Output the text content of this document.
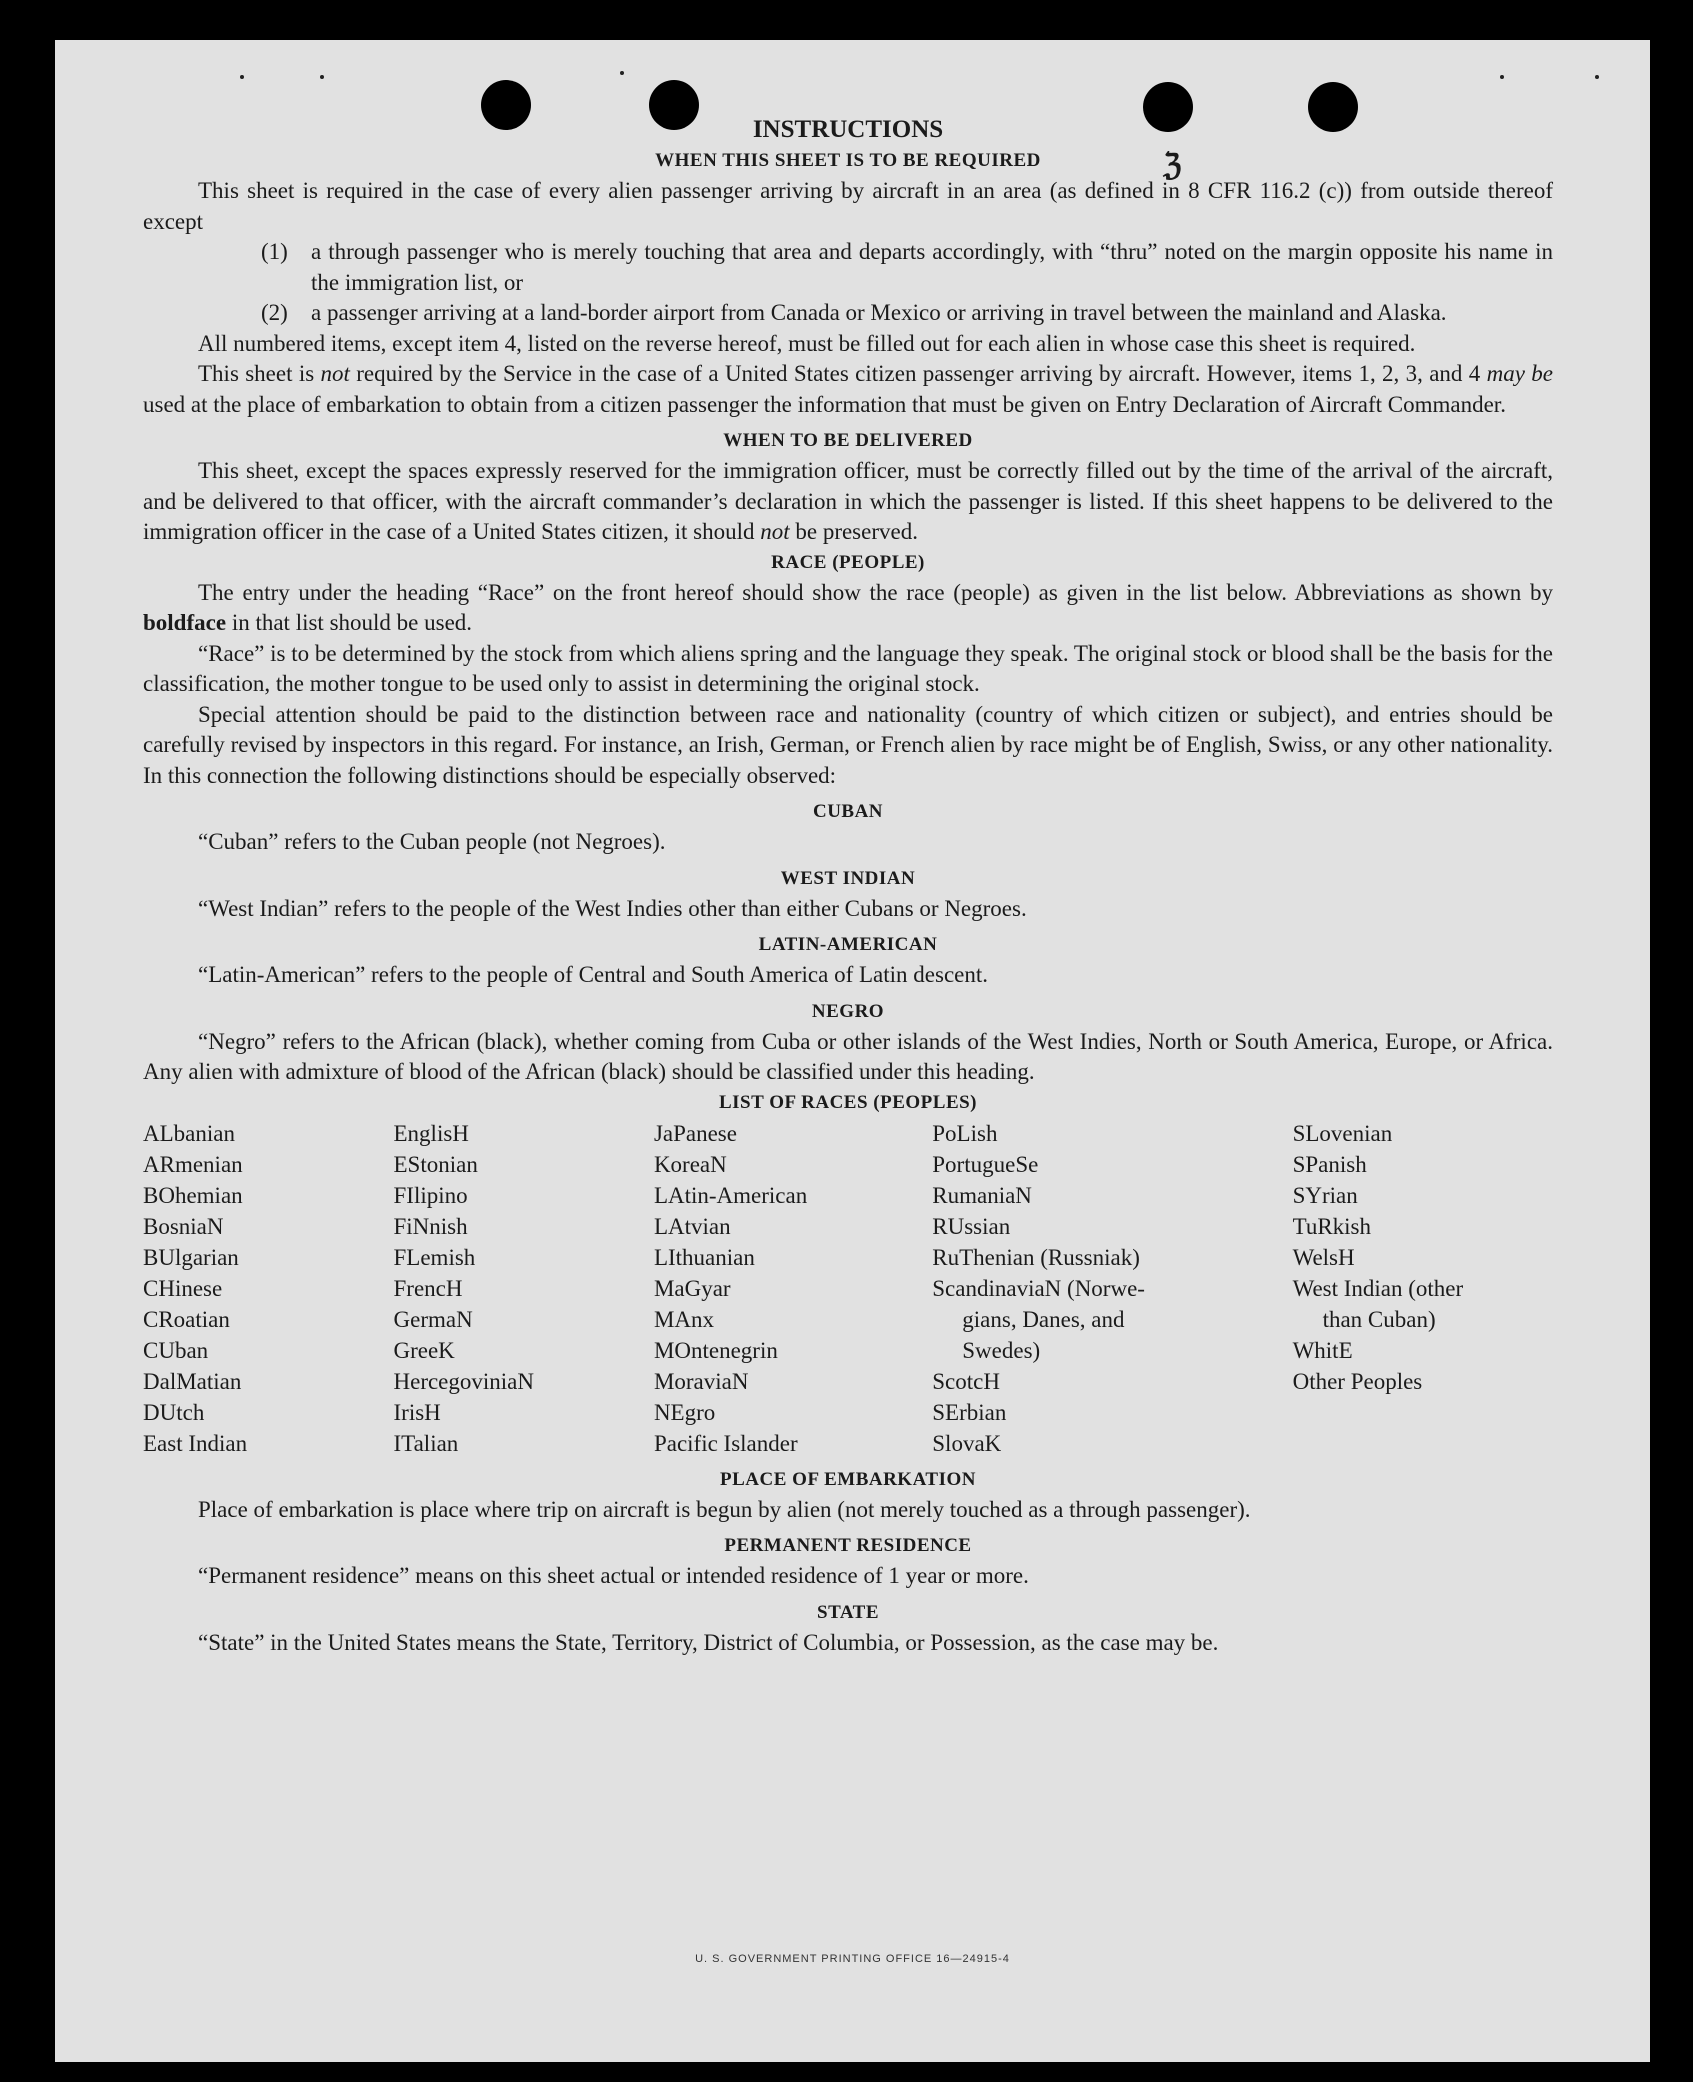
ℨ
INSTRUCTIONS
WHEN THIS SHEET IS TO BE REQUIRED

This sheet is required in the case of every alien passenger arriving by aircraft in an area (as defined in 8 CFR 116.2 (c)) from outside thereof except

(1)	a through passenger who is merely touching that area and departs accordingly, with “thru” noted on the margin opposite his name in the immigration list, or
(2)	a passenger arriving at a land-border airport from Canada or Mexico or arriving in travel between the mainland and Alaska.

All numbered items, except item 4, listed on the reverse hereof, must be filled out for each alien in whose case this sheet is required.

This sheet is not required by the Service in the case of a United States citizen passenger arriving by aircraft. However, items 1, 2, 3, and 4 may be used at the place of embarkation to obtain from a citizen passenger the information that must be given on Entry Declaration of Aircraft Commander.

WHEN TO BE DELIVERED

This sheet, except the spaces expressly reserved for the immigration officer, must be correctly filled out by the time of the arrival of the aircraft, and be delivered to that officer, with the aircraft commander’s declaration in which the passenger is listed. If this sheet happens to be delivered to the immigration officer in the case of a United States citizen, it should not be preserved.

RACE (PEOPLE)

The entry under the heading “Race” on the front hereof should show the race (people) as given in the list below. Abbreviations as shown by boldface in that list should be used.

“Race” is to be determined by the stock from which aliens spring and the language they speak. The original stock or blood shall be the basis for the classification, the mother tongue to be used only to assist in determining the original stock.

Special attention should be paid to the distinction between race and nationality (country of which citizen or subject), and entries should be carefully revised by inspectors in this regard. For instance, an Irish, German, or French alien by race might be of English, Swiss, or any other nationality. In this connection the following distinctions should be especially observed:

CUBAN

“Cuban” refers to the Cuban people (not Negroes).

WEST INDIAN

“West Indian” refers to the people of the West Indies other than either Cubans or Negroes.

LATIN-AMERICAN

“Latin-American” refers to the people of Central and South America of Latin descent.

NEGRO

“Negro” refers to the African (black), whether coming from Cuba or other islands of the West Indies, North or South America, Europe, or Africa. Any alien with admixture of blood of the African (black) should be classified under this heading.

LIST OF RACES (PEOPLES)
ALbanian
ARmenian
BOhemian
BosniaN
BUlgarian
CHinese
CRoatian
CUban
DalMatian
DUtch
East Indian
EnglisH
EStonian
FIlipino
FiNnish
FLemish
FrencH
GermaN
GreeK
HercegoviniaN
IrisH
ITalian
JaPanese
KoreaN
LAtin-American
LAtvian
LIthuanian
MaGyar
MAnx
MOntenegrin
MoraviaN
NEgro
Pacific Islander
PoLish
PortugueSe
RumaniaN
RUssian
RuThenian (Russniak)
ScandinaviaN (Norwe-
gians, Danes, and
Swedes)
ScotcH
SErbian
SlovaK
SLovenian
SPanish
SYrian
TuRkish
WelsH
West Indian (other
than Cuban)
WhitE
Other Peoples
PLACE OF EMBARKATION

Place of embarkation is place where trip on aircraft is begun by alien (not merely touched as a through passenger).

PERMANENT RESIDENCE

“Permanent residence” means on this sheet actual or intended residence of 1 year or more.

STATE

“State” in the United States means the State, Territory, District of Columbia, or Possession, as the case may be.

U. S. GOVERNMENT PRINTING OFFICE 16—24915-4
